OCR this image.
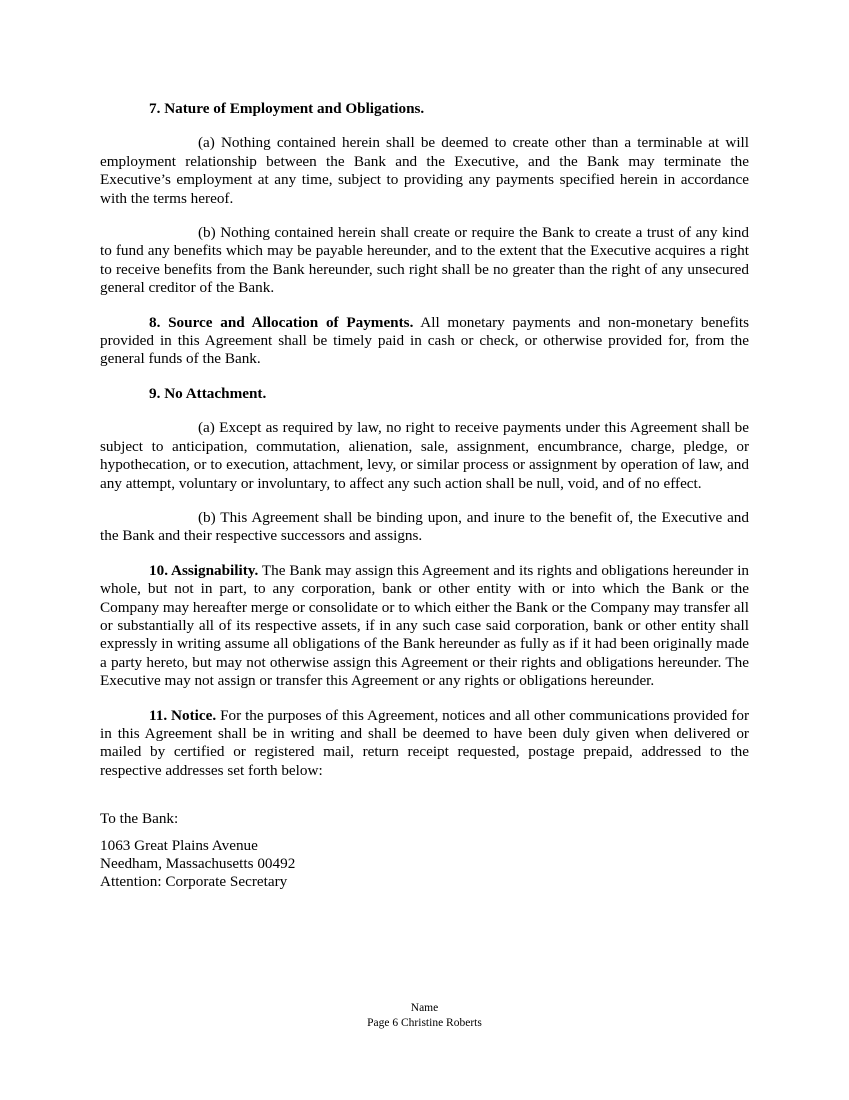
7. Nature of Employment and Obligations.

(a) Nothing contained herein shall be deemed to create other than a terminable at will employment relationship between the Bank and the Executive, and the Bank may terminate the Executive’s employment at any time, subject to providing any payments specified herein in accordance with the terms hereof.

(b) Nothing contained herein shall create or require the Bank to create a trust of any kind to fund any benefits which may be payable hereunder, and to the extent that the Executive acquires a right to receive benefits from the Bank hereunder, such right shall be no greater than the right of any unsecured general creditor of the Bank.

8. Source and Allocation of Payments. All monetary payments and non-monetary benefits provided in this Agreement shall be timely paid in cash or check, or otherwise provided for, from the general funds of the Bank.

9. No Attachment.

(a) Except as required by law, no right to receive payments under this Agreement shall be subject to anticipation, commutation, alienation, sale, assignment, encumbrance, charge, pledge, or hypothecation, or to execution, attachment, levy, or similar process or assignment by operation of law, and any attempt, voluntary or involuntary, to affect any such action shall be null, void, and of no effect.

(b) This Agreement shall be binding upon, and inure to the benefit of, the Executive and the Bank and their respective successors and assigns.

10. Assignability. The Bank may assign this Agreement and its rights and obligations hereunder in whole, but not in part, to any corporation, bank or other entity with or into which the Bank or the Company may hereafter merge or consolidate or to which either the Bank or the Company may transfer all or substantially all of its respective assets, if in any such case said corporation, bank or other entity shall expressly in writing assume all obligations of the Bank hereunder as fully as if it had been originally made a party hereto, but may not otherwise assign this Agreement or their rights and obligations hereunder. The Executive may not assign or transfer this Agreement or any rights or obligations hereunder.

11. Notice. For the purposes of this Agreement, notices and all other communications provided for in this Agreement shall be in writing and shall be deemed to have been duly given when delivered or mailed by certified or registered mail, return receipt requested, postage prepaid, addressed to the respective addresses set forth below:

To the Bank:

1063 Great Plains Avenue

Needham, Massachusetts 00492

Attention: Corporate Secretary

Name
Page 6 Christine Roberts
